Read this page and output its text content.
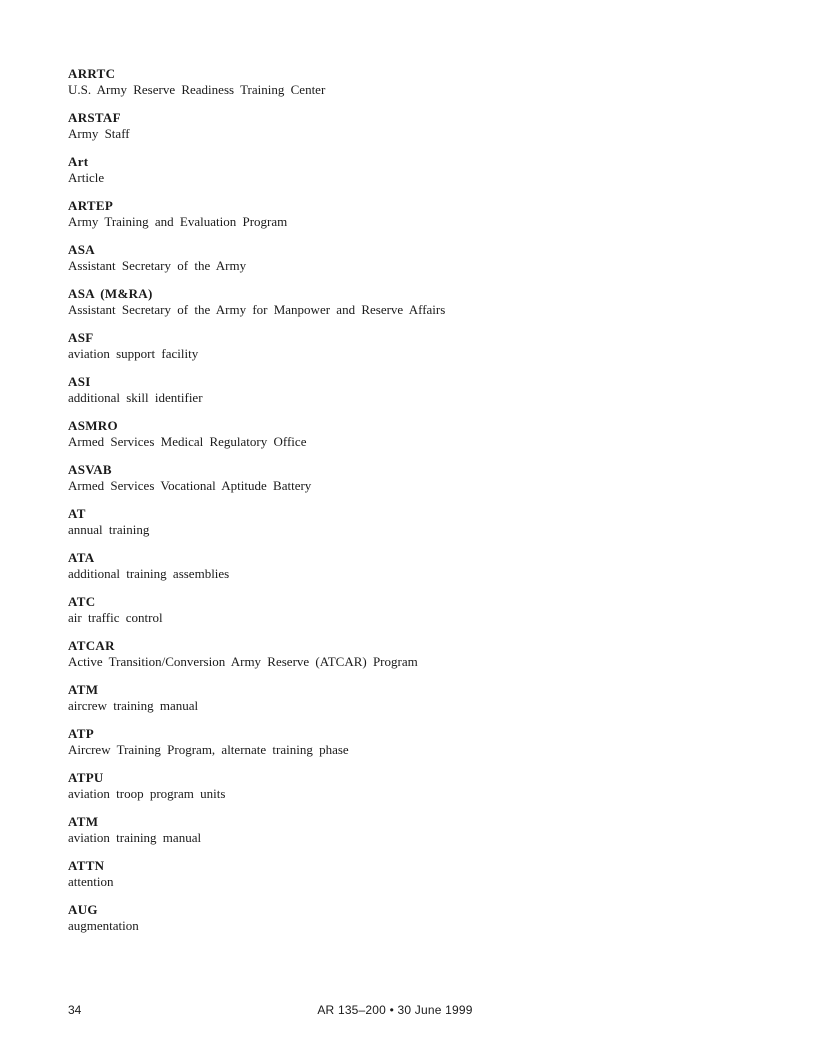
ARRTC
U.S. Army Reserve Readiness Training Center
ARSTAF
Army Staff
Art
Article
ARTEP
Army Training and Evaluation Program
ASA
Assistant Secretary of the Army
ASA (M&RA)
Assistant Secretary of the Army for Manpower and Reserve Affairs
ASF
aviation support facility
ASI
additional skill identifier
ASMRO
Armed Services Medical Regulatory Office
ASVAB
Armed Services Vocational Aptitude Battery
AT
annual training
ATA
additional training assemblies
ATC
air traffic control
ATCAR
Active Transition/Conversion Army Reserve (ATCAR) Program
ATM
aircrew training manual
ATP
Aircrew Training Program, alternate training phase
ATPU
aviation troop program units
ATM
aviation training manual
ATTN
attention
AUG
augmentation
34	AR 135–200 • 30 June 1999
